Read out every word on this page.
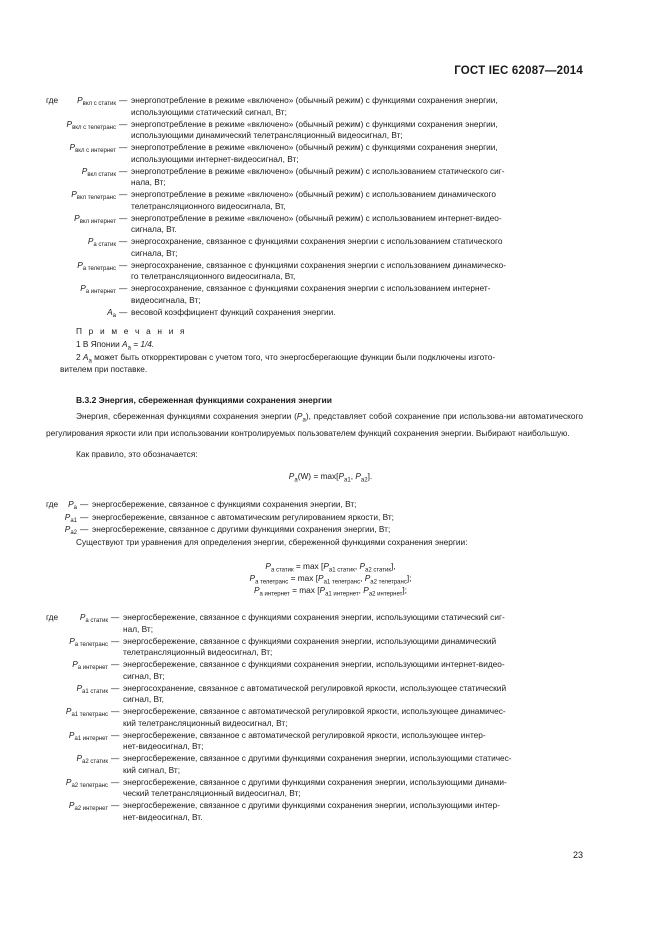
ГОСТ IEC 62087—2014
где $P_{вкл с статик}$ — энергопотребление в режиме «включено» (обычный режим) с функциями сохранения энергии,
использующими статический сигнал, Вт;
$P_{вкл с телетранс}$ — энергопотребление в режиме «включено» (обычный режим) с функциями сохранения энергии,
использующими динамический телетрансляционный видеосигнал, Вт;
$P_{вкл с интернет}$ — энергопотребление в режиме «включено» (обычный режим) с функциями сохранения энергии,
использующими интернет-видеосигнал, Вт;
$P_{вкл статик}$ — энергопотребление в режиме «включено» (обычный режим) с использованием статического сиг-
нала, Вт;
$P_{вкл телетранс}$ — энергопотребление в режиме «включено» (обычный режим) с использованием динамического
телетрансляционного видеосигнала, Вт,
$P_{вкл интернет}$ — энергопотребление в режиме «включено» (обычный режим) с использованием интернет-видео-
сигнала, Вт.
$P_{a статик}$ — энергосохранение, связанное с функциями сохранения энергии с использованием статического
сигнала, Вт;
$P_{a телетранс}$ — энергосохранение, связанное с функциями сохранения энергии с использованием динамическо-
го телетрансляционного видеосигнала, Вт,
$P_{a интернет}$ — энергосохранение, связанное с функциями сохранения энергии с использованием интернет-
видеосигнала, Вт;
$A_a$ — весовой коэффициент функций сохранения энергии.
П р и м е ч а н и я
1 В Японии $A_a = 1/4$.
2 $A_a$ может быть откорректирован с учетом того, что энергосберегающие функции были подключены изгото-
вителем при поставке.
B.3.2 Энергия, сбереженная функциями сохранения энергии
Энергия, сбереженная функциями сохранения энергии $(P_a)$, представляет собой сохранение при использова-ни автоматического регулирования яркости или при использовании контролируемых пользователем функций сохранения энергии. Выбирают наибольшую.
Как правило, это обозначается:
$P_a(W) = \max[P_{a1}$, $P_{a2}$].
где $P_a$ — энергосбережение, связанное с функциями сохранения энергии, Вт;
$P_{a1}$ — энергосбережение, связанное с автоматическим регулированием яркости, Вт;
$P_{a2}$ — энергосбережение, связанное с другими функциями сохранения энергии, Вт;
Существуют три уравнения для определения энергии, сбереженной функциями сохранения энергии:
$P_{a статик} = \max [P_{a1 статик}$, $P_{a2 статик}$],
$P_{a телетранс} = \max [P_{a1 телетранс}$, $P_{a2 телетранс}$];
$P_{a интернет} = \max [P_{a1 интернет}$, $P_{a2 интернет}$];
где	$P_{a статик}$ — энергосбережение, связанное с функциями сохранения энергии, использующими статический сиг-
нал, Вт;
$P_{a телетранс}$ — энергосбережение, связанное с функциями сохранения энергии, использующими динамический
телетрансляционный видеосигнал, Вт;
$P_{a интернет}$ — энергосбережение, связанное с функциями сохранения энергии, использующими интернет-видео-
сигнал, Вт;
$P_{a1 статик}$ — энергосохранение, связанное с автоматической регулировкой яркости, использующее статический
сигнал, Вт,
$P_{a1 телетранс}$ — энергосбережение, связанное с автоматической регулировкой яркости, использующее динамичес-
кий телетрансляционный видеосигнал, Вт;
$P_{a1 интернет}$ — энергосбережение, связанное с автоматической регулировкой яркости, использующее интер-
нет-видеосигнал, Вт;
$P_{a2 статик}$ — энергосбережение, связанное с другими функциями сохранения энергии, использующими статичес-
кий сигнал, Вт;
$P_{a2 телетранс}$ — энергосбережение, связанное с другими функциями сохранения энергии, использующими динами-
ческий телетрансляционный видеосигнал, Вт;
$P_{a2 интернет}$ — энергосбережение, связанное с другими функциями сохранения энергии, использующими интер-
нет-видеосигнал, Вт.
23
